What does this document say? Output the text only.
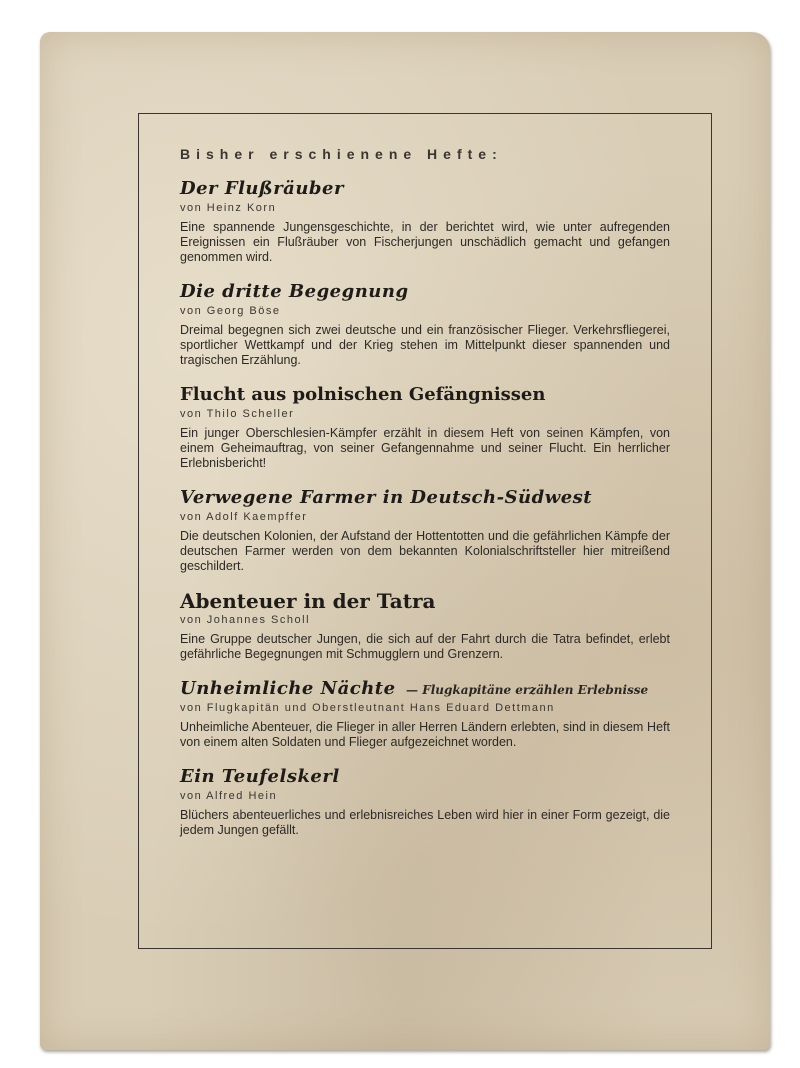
Bisher erschienene Hefte:
Der Flußräuber
von Heinz Korn
Eine spannende Jungensgeschichte, in der berichtet wird, wie unter aufregenden Ereignissen ein Flußräuber von Fischerjungen unschädlich gemacht und gefangen genommen wird.
Die dritte Begegnung
von Georg Böse
Dreimal begegnen sich zwei deutsche und ein französischer Flieger. Verkehrsfliegerei, sportlicher Wettkampf und der Krieg stehen im Mittelpunkt dieser spannenden und tragischen Erzählung.
Flucht aus polnischen Gefängnissen
von Thilo Scheller
Ein junger Oberschlesien-Kämpfer erzählt in diesem Heft von seinen Kämpfen, von einem Geheimauftrag, von seiner Gefangennahme und seiner Flucht. Ein herrlicher Erlebnisbericht!
Verwegene Farmer in Deutsch-Südwest
von Adolf Kaempffer
Die deutschen Kolonien, der Aufstand der Hottentotten und die gefährlichen Kämpfe der deutschen Farmer werden von dem bekannten Kolonialschriftsteller hier mitreißend geschildert.
Abenteuer in der Tatra
von Johannes Scholl
Eine Gruppe deutscher Jungen, die sich auf der Fahrt durch die Tatra befindet, erlebt gefährliche Begegnungen mit Schmugglern und Grenzern.
Unheimliche Nächte — Flugkapitäne erzählen Erlebnisse
von Flugkapitän und Oberstleutnant Hans Eduard Dettmann
Unheimliche Abenteuer, die Flieger in aller Herren Ländern erlebten, sind in diesem Heft von einem alten Soldaten und Flieger aufgezeichnet worden.
Ein Teufelskerl
von Alfred Hein
Blüchers abenteuerliches und erlebnisreiches Leben wird hier in einer Form gezeigt, die jedem Jungen gefällt.
